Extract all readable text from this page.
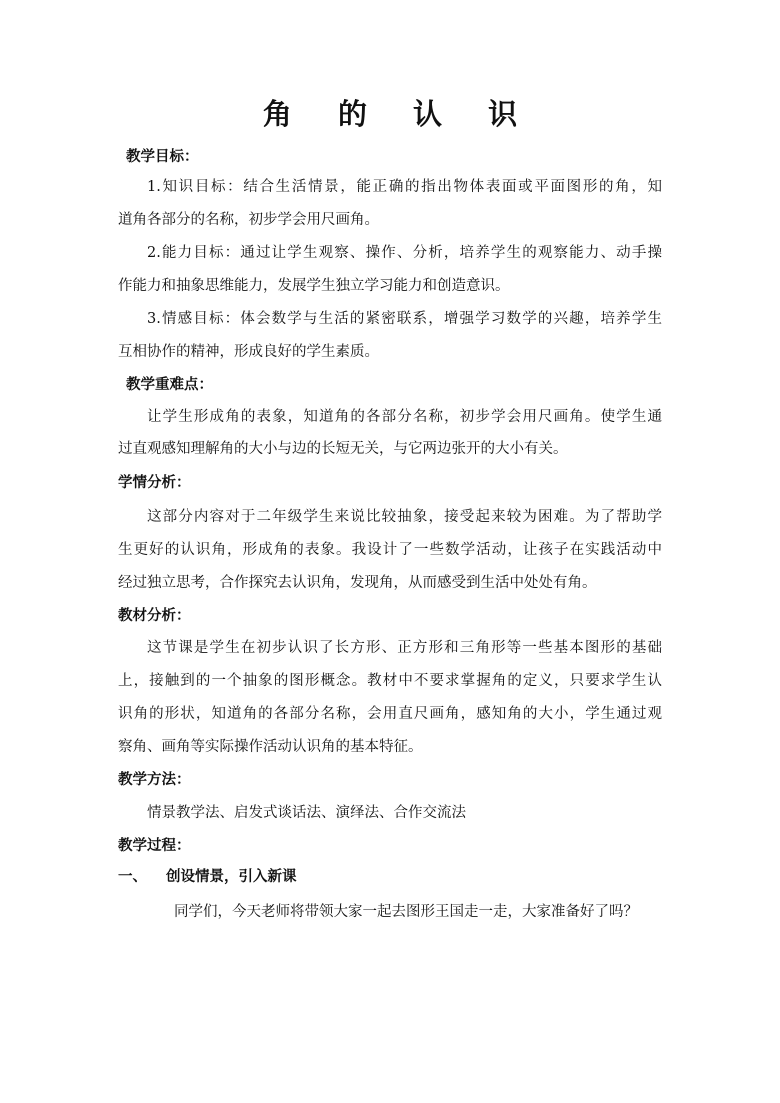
角 的 认 识
教学目标：
1.知识目标：结合生活情景，能正确的指出物体表面或平面图形的角，知
道角各部分的名称，初步学会用尺画角。
2.能力目标：通过让学生观察、操作、分析，培养学生的观察能力、动手操
作能力和抽象思维能力，发展学生独立学习能力和创造意识。
3.情感目标：体会数学与生活的紧密联系，增强学习数学的兴趣，培养学生
互相协作的精神，形成良好的学生素质。
教学重难点：
让学生形成角的表象，知道角的各部分名称，初步学会用尺画角。使学生通
过直观感知理解角的大小与边的长短无关，与它两边张开的大小有关。
学情分析：
这部分内容对于二年级学生来说比较抽象，接受起来较为困难。为了帮助学
生更好的认识角，形成角的表象。我设计了一些数学活动，让孩子在实践活动中
经过独立思考，合作探究去认识角，发现角，从而感受到生活中处处有角。
教材分析：
这节课是学生在初步认识了长方形、正方形和三角形等一些基本图形的基础
上，接触到的一个抽象的图形概念。教材中不要求掌握角的定义，只要求学生认
识角的形状，知道角的各部分名称，会用直尺画角，感知角的大小，学生通过观
察角、画角等实际操作活动认识角的基本特征。
教学方法：
情景教学法、启发式谈话法、演绎法、合作交流法
教学过程：
一、 创设情景，引入新课
同学们，今天老师将带领大家一起去图形王国走一走，大家准备好了吗？
